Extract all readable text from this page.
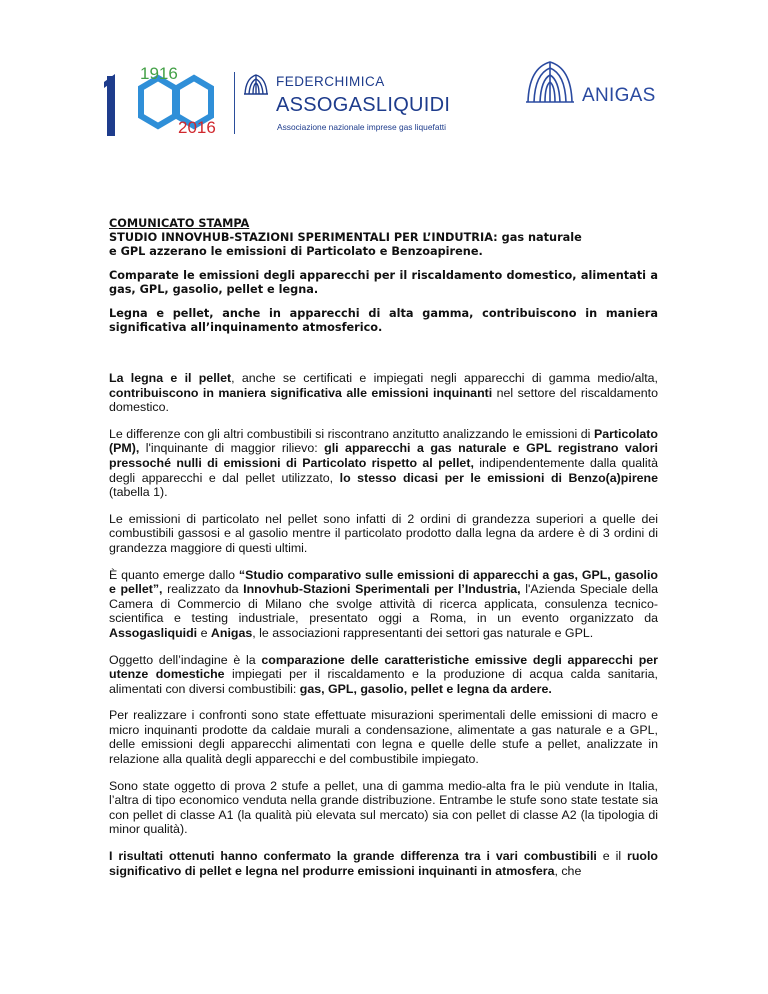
1916
2016
FEDERCHIMICA
ASSOGASLIQUIDI
Associazione nazionale imprese gas liquefatti
ANIGAS

COMUNICATO STAMPA

STUDIO INNOVHUB-STAZIONI SPERIMENTALI PER L’INDUTRIA: gas naturale

e GPL azzerano le emissioni di Particolato e Benzoapirene.

Comparate le emissioni degli apparecchi per il riscaldamento domestico, alimentati a gas, GPL, gasolio, pellet e legna.

Legna e pellet, anche in apparecchi di alta gamma, contribuiscono in maniera significativa all’inquinamento atmosferico.

La legna e il pellet, anche se certificati e impiegati negli apparecchi di gamma medio/alta, contribuiscono in maniera significativa alle emissioni inquinanti nel settore del riscaldamento domestico.

Le differenze con gli altri combustibili si riscontrano anzitutto analizzando le emissioni di Particolato (PM), l'inquinante di maggior rilievo: gli apparecchi a gas naturale e GPL registrano valori pressoché nulli di emissioni di Particolato rispetto al pellet, indipendentemente dalla qualità degli apparecchi e dal pellet utilizzato, lo stesso dicasi per le emissioni di Benzo(a)pirene (tabella 1).

Le emissioni di particolato nel pellet sono infatti di 2 ordini di grandezza superiori a quelle dei combustibili gassosi e al gasolio mentre il particolato prodotto dalla legna da ardere è di 3 ordini di grandezza maggiore di questi ultimi.

È quanto emerge dallo “Studio comparativo sulle emissioni di apparecchi a gas, GPL, gasolio e pellet”, realizzato da Innovhub-Stazioni Sperimentali per l’Industria, l'Azienda Speciale della Camera di Commercio di Milano che svolge attività di ricerca applicata, consulenza tecnico-scientifica e testing industriale, presentato oggi a Roma, in un evento organizzato da Assogasliquidi e Anigas, le associazioni rappresentanti dei settori gas naturale e GPL.

Oggetto dell’indagine è la comparazione delle caratteristiche emissive degli apparecchi per utenze domestiche impiegati per il riscaldamento e la produzione di acqua calda sanitaria, alimentati con diversi combustibili: gas, GPL, gasolio, pellet e legna da ardere.

Per realizzare i confronti sono state effettuate misurazioni sperimentali delle emissioni di macro e micro inquinanti prodotte da caldaie murali a condensazione, alimentate a gas naturale e a GPL, delle emissioni degli apparecchi alimentati con legna e quelle delle stufe a pellet, analizzate in relazione alla qualità degli apparecchi e del combustibile impiegato.

Sono state oggetto di prova 2 stufe a pellet, una di gamma medio-alta fra le più vendute in Italia, l’altra di tipo economico venduta nella grande distribuzione. Entrambe le stufe sono state testate sia con pellet di classe A1 (la qualità più elevata sul mercato) sia con pellet di classe A2 (la tipologia di minor qualità).

I risultati ottenuti hanno confermato la grande differenza tra i vari combustibili e il ruolo significativo di pellet e legna nel produrre emissioni inquinanti in atmosfera, che
